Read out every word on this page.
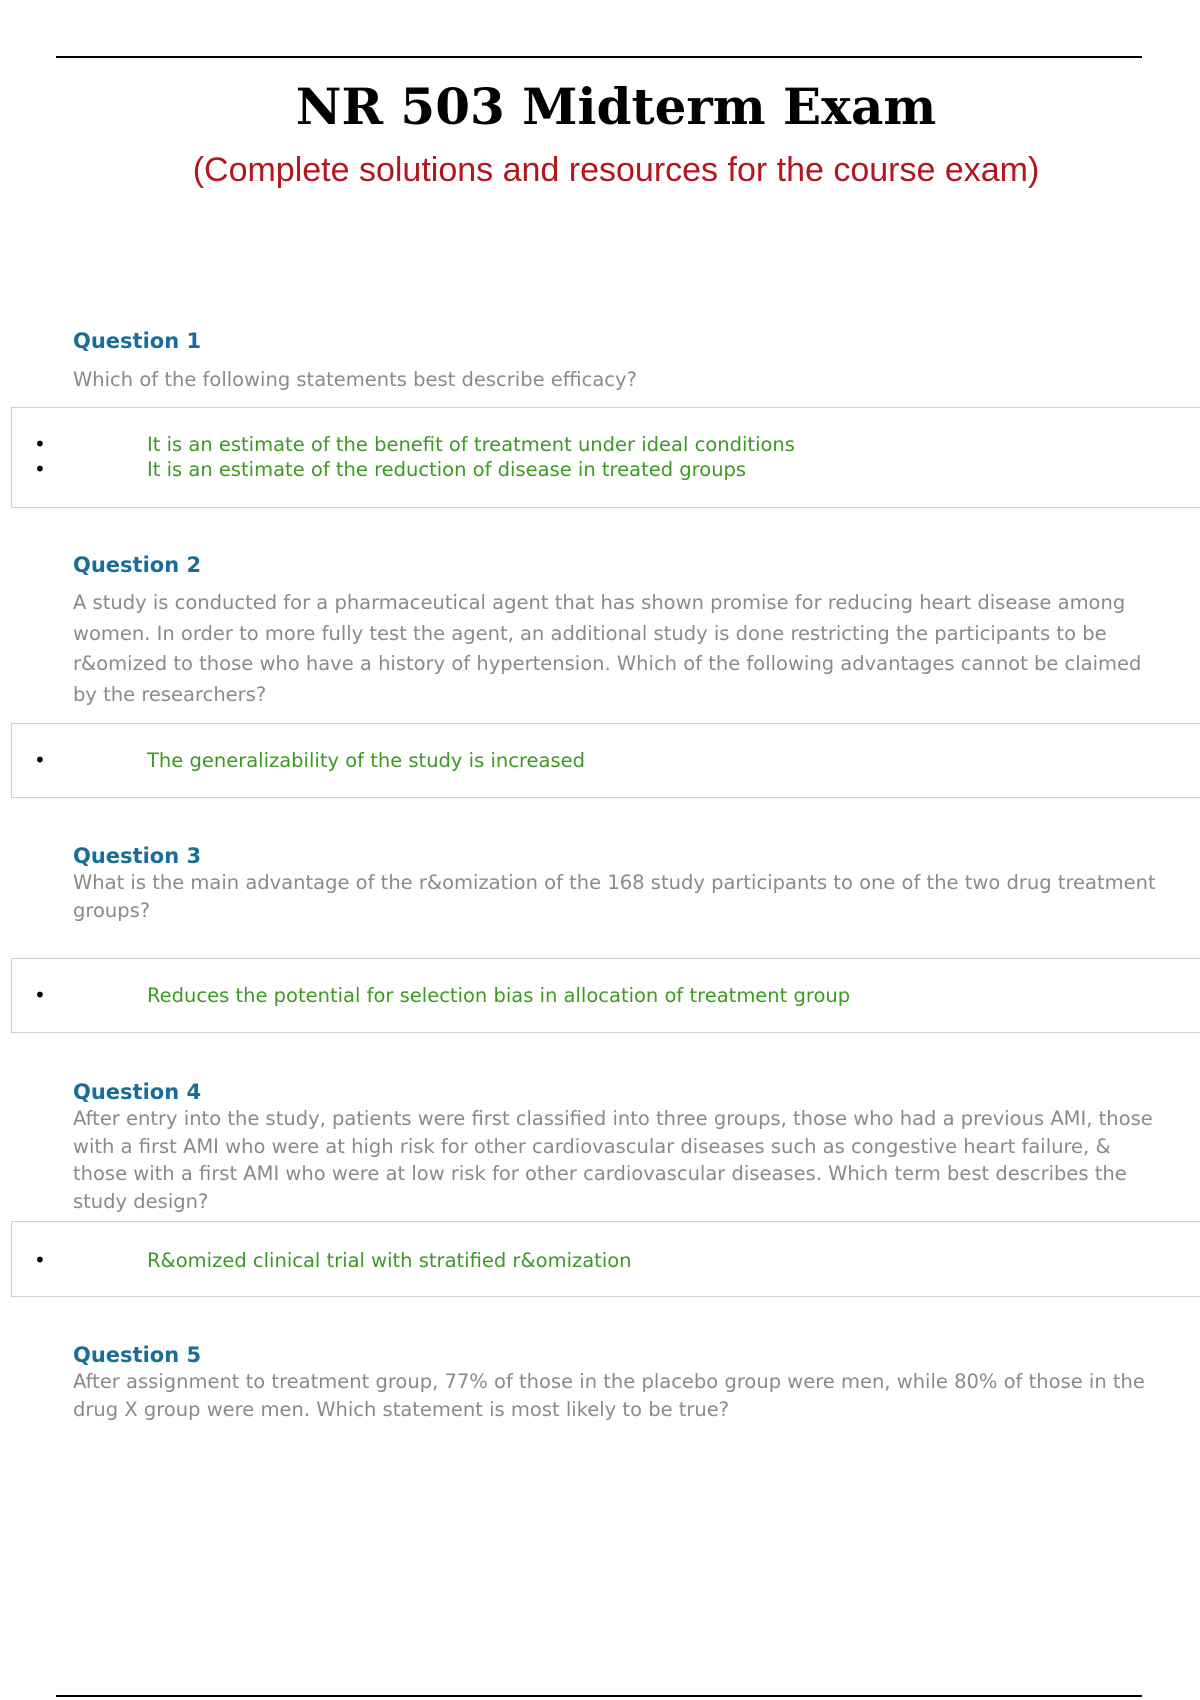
NR 503 Midterm Exam
(Complete solutions and resources for the course exam)
Question 1
Which of the following statements best describe efficacy?
•	It is an estimate of the benefit of treatment under ideal conditions
•	It is an estimate of the reduction of disease in treated groups
Question 2
A study is conducted for a pharmaceutical agent that has shown promise for reducing heart disease among women. In order to more fully test the agent, an additional study is done restricting the participants to be r&omized to those who have a history of hypertension. Which of the following advantages cannot be claimed by the researchers?
•	The generalizability of the study is increased
Question 3
What is the main advantage of the r&omization of the 168 study participants to one of the two drug treatment groups?
•	Reduces the potential for selection bias in allocation of treatment group
Question 4
After entry into the study, patients were first classified into three groups, those who had a previous AMI, those with a first AMI who were at high risk for other cardiovascular diseases such as congestive heart failure, & those with a first AMI who were at low risk for other cardiovascular diseases. Which term best describes the study design?
•	R&omized clinical trial with stratified r&omization
Question 5
After assignment to treatment group, 77% of those in the placebo group were men, while 80% of those in the drug X group were men. Which statement is most likely to be true?
